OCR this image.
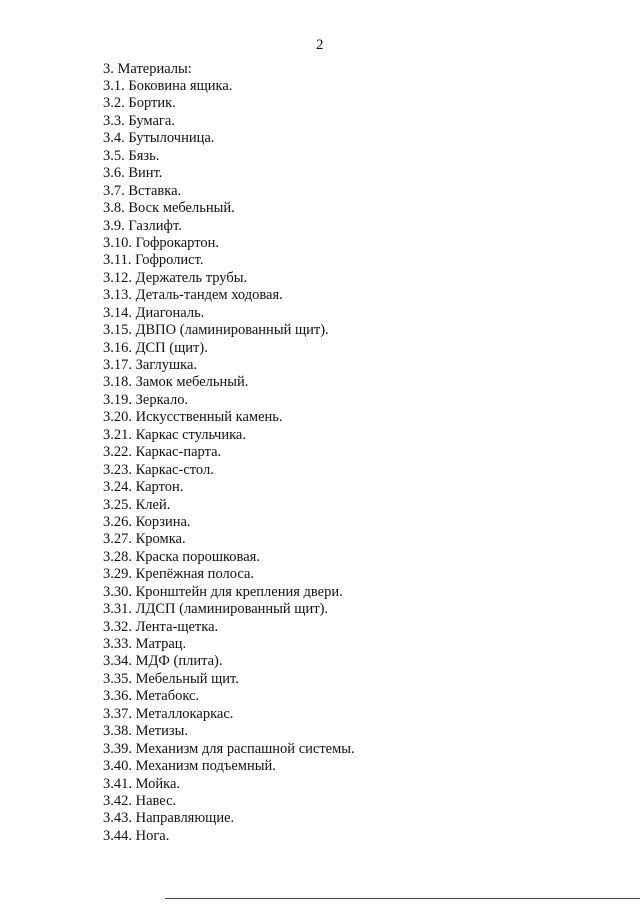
2
3. Материалы:
3.1. Боковина ящика.
3.2. Бортик.
3.3. Бумага.
3.4. Бутылочница.
3.5. Бязь.
3.6. Винт.
3.7. Вставка.
3.8. Воск мебельный.
3.9. Газлифт.
3.10. Гофрокартон.
3.11. Гофролист.
3.12. Держатель трубы.
3.13. Деталь-тандем ходовая.
3.14. Диагональ.
3.15. ДВПО (ламинированный щит).
3.16. ДСП (щит).
3.17. Заглушка.
3.18. Замок мебельный.
3.19. Зеркало.
3.20. Искусственный камень.
3.21. Каркас стульчика.
3.22. Каркас-парта.
3.23. Каркас-стол.
3.24. Картон.
3.25. Клей.
3.26. Корзина.
3.27. Кромка.
3.28. Краска порошковая.
3.29. Крепёжная полоса.
3.30. Кронштейн для крепления двери.
3.31. ЛДСП (ламинированный щит).
3.32. Лента-щетка.
3.33. Матрац.
3.34. МДФ (плита).
3.35. Мебельный щит.
3.36. Метабокс.
3.37. Металлокаркас.
3.38. Метизы.
3.39. Механизм для распашной системы.
3.40. Механизм подъемный.
3.41. Мойка.
3.42. Навес.
3.43. Направляющие.
3.44. Нога.
